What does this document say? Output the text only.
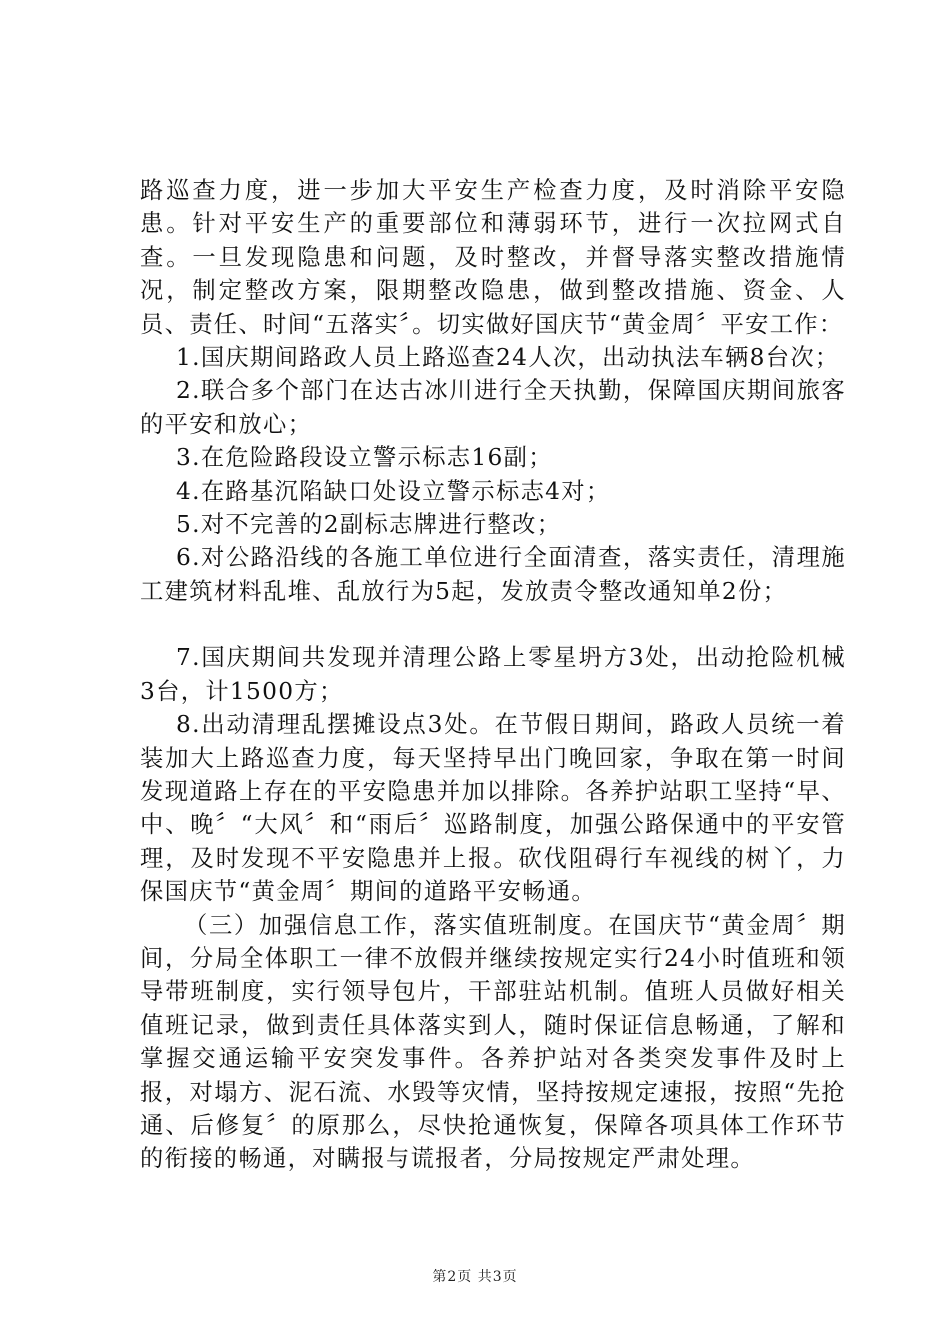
路巡查力度，进一步加大平安生产检查力度，及时消除平安隐患。针对平安生产的重要部位和薄弱环节，进行一次拉网式自查。一旦发现隐患和问题，及时整改，并督导落实整改措施情况，制定整改方案，限期整改隐患，做到整改措施、资金、人员、责任、时间“五落实〞。切实做好国庆节“黄金周〞平安工作：

1.国庆期间路政人员上路巡查24人次，出动执法车辆8台次；

2.联合多个部门在达古冰川进行全天执勤，保障国庆期间旅客的平安和放心；

3.在危险路段设立警示标志16副；

4.在路基沉陷缺口处设立警示标志4对；

5.对不完善的2副标志牌进行整改；

6.对公路沿线的各施工单位进行全面清查，落实责任，清理施工建筑材料乱堆、乱放行为5起，发放责令整改通知单2份；

7.国庆期间共发现并清理公路上零星坍方3处，出动抢险机械3台，计1500方；

8.出动清理乱摆摊设点3处。在节假日期间，路政人员统一着装加大上路巡查力度，每天坚持早出门晚回家，争取在第一时间发现道路上存在的平安隐患并加以排除。各养护站职工坚持“早、中、晚〞“大风〞和“雨后〞巡路制度，加强公路保通中的平安管理，及时发现不平安隐患并上报。砍伐阻碍行车视线的树丫，力保国庆节“黄金周〞期间的道路平安畅通。

（三）加强信息工作，落实值班制度。在国庆节“黄金周〞期间，分局全体职工一律不放假并继续按规定实行24小时值班和领导带班制度，实行领导包片，干部驻站机制。值班人员做好相关值班记录，做到责任具体落实到人，随时保证信息畅通，了解和掌握交通运输平安突发事件。各养护站对各类突发事件及时上报，对塌方、泥石流、水毁等灾情，坚持按规定速报，按照“先抢通、后修复〞的原那么，尽快抢通恢复，保障各项具体工作环节的衔接的畅通，对瞒报与谎报者，分局按规定严肃处理。

第2页 共3页
